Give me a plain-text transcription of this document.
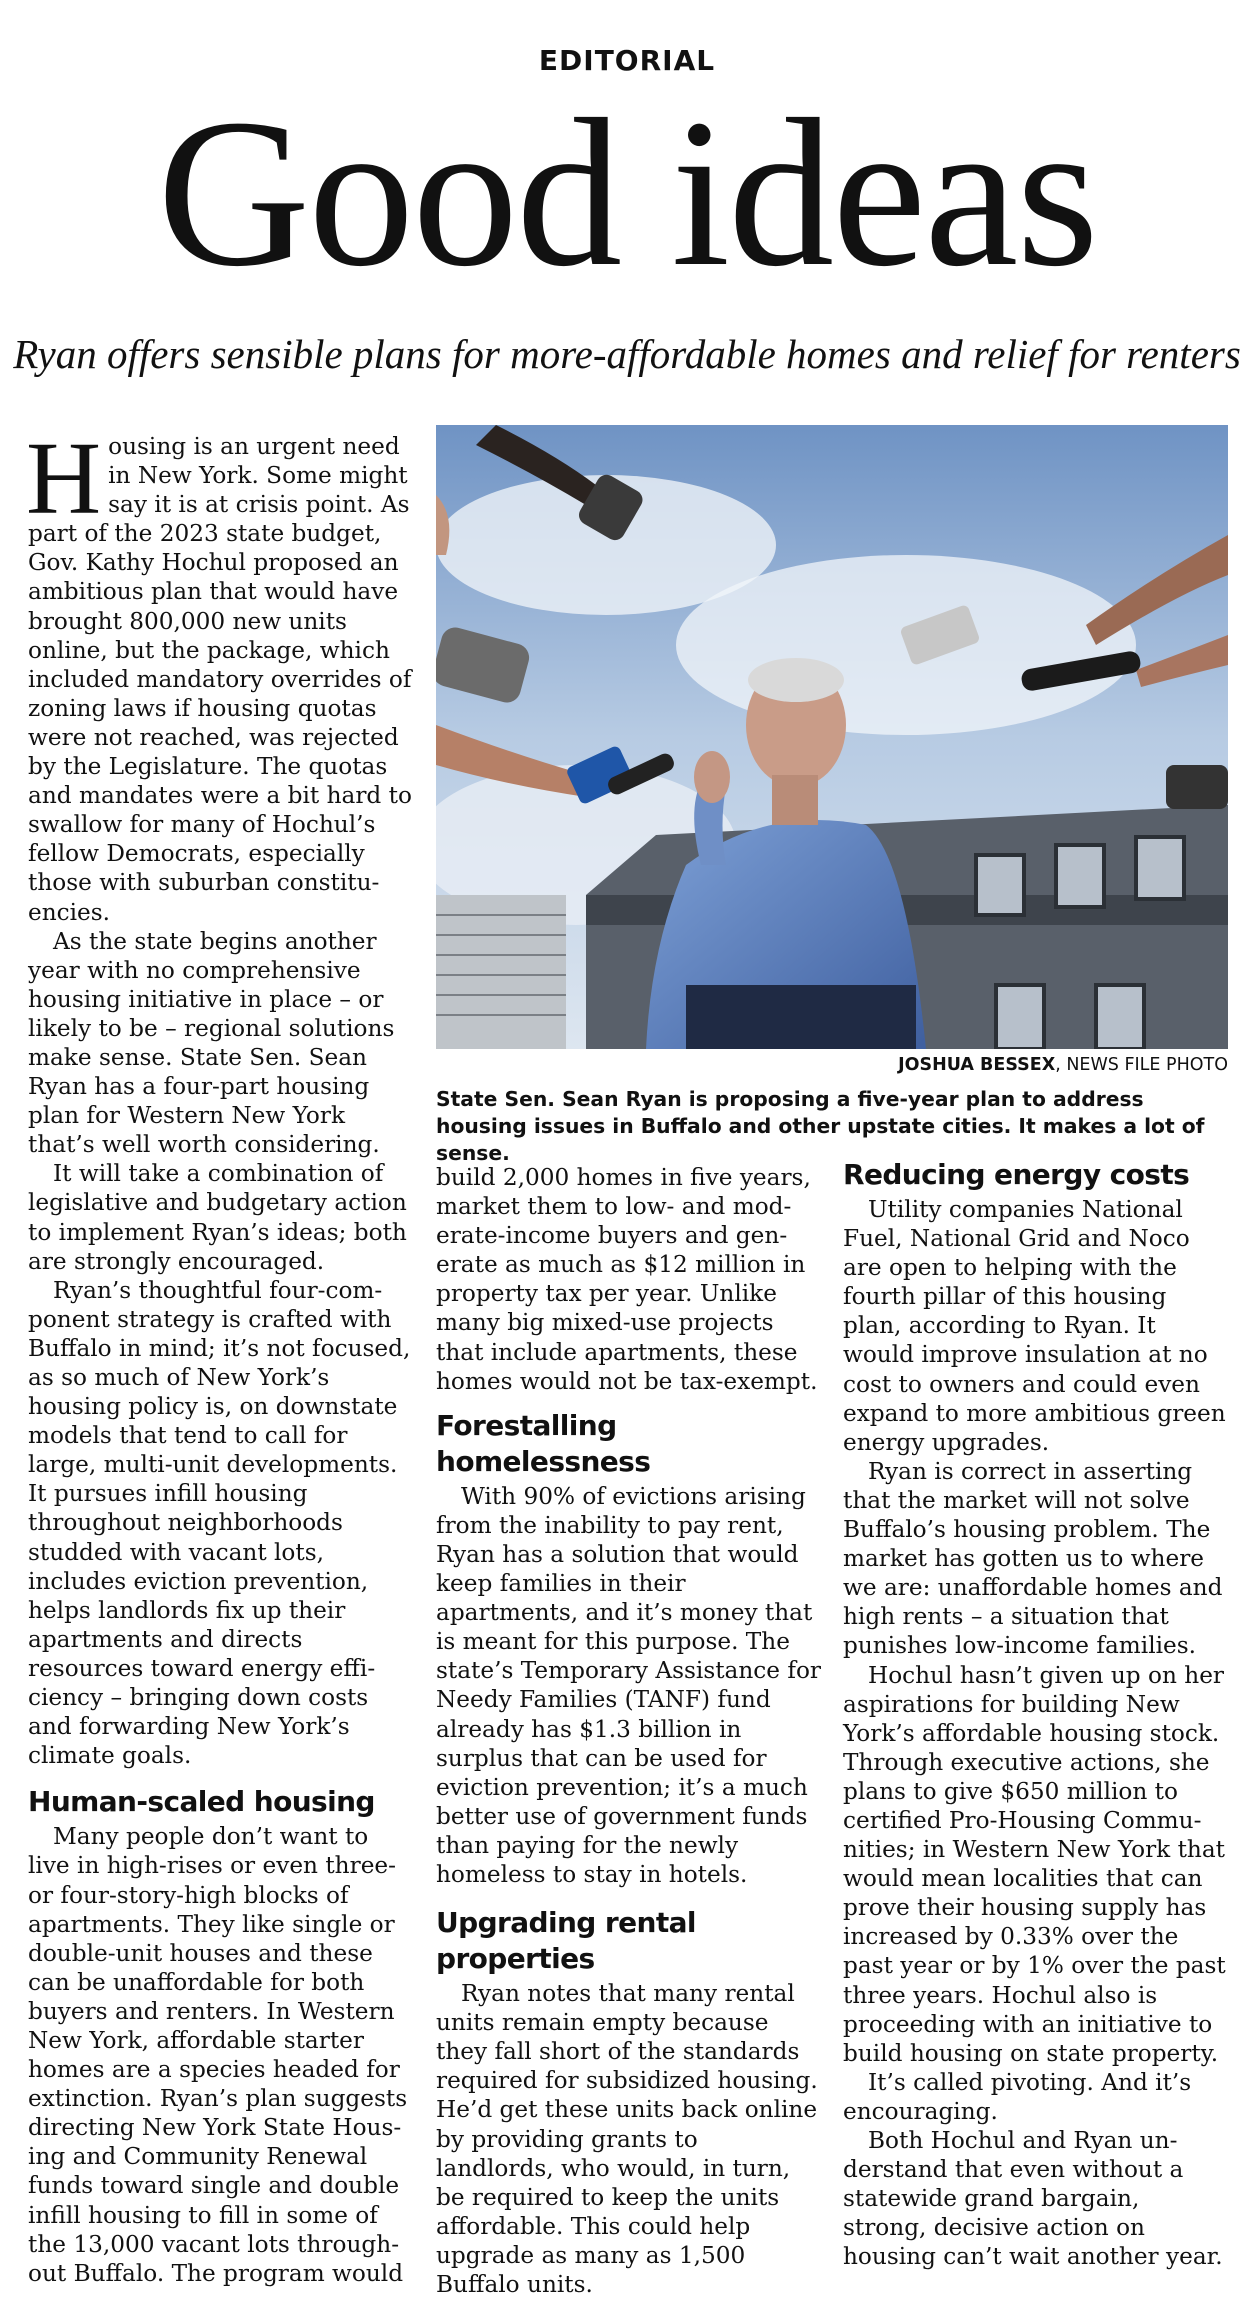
EDITORIAL
Good ideas
Ryan offers sensible plans for more-affordable homes and relief for renters

Housing is an urgent need in New York. Some might say it is at crisis point. As part of the 2023 state budget, Gov. Kathy Hochul proposed an ambitious plan that would have brought 800,000 new units online, but the package, which included mandatory overrides of zoning laws if housing quotas were not reached, was rejected by the Legislature. The quotas and mandates were a bit hard to swallow for many of Hochul’s fellow Democrats, especially those with suburban constituencies.

As the state begins another year with no comprehensive housing initiative in place – or likely to be – regional solutions make sense. State Sen. Sean Ryan has a four-part housing plan for Western New York that’s well worth considering.

It will take a combination of legislative and budgetary action to implement Ryan’s ideas; both are strongly encouraged.

Ryan’s thoughtful four-component strategy is crafted with Buffalo in mind; it’s not focused, as so much of New York’s housing policy is, on downstate models that tend to call for large, multi-unit developments. It pursues infill housing throughout neighborhoods studded with vacant lots, includes eviction prevention, helps landlords fix up their apartments and directs resources toward energy efficiency – bringing down costs and forwarding New York’s climate goals.

Human-scaled housing

Many people don’t want to live in high-rises or even three- or four-story-high blocks of apartments. They like single or double-unit houses and these can be unaffordable for both buyers and renters. In Western New York, affordable starter homes are a species headed for extinction. Ryan’s plan suggests directing New York State Housing and Community Renewal funds toward single and double infill housing to fill in some of the 13,000 vacant lots throughout Buffalo. The program would

JOSHUA BESSEX, NEWS FILE PHOTO
State Sen. Sean Ryan is proposing a five-year plan to address housing issues in Buffalo and other upstate cities. It makes a lot of sense.

build 2,000 homes in five years, market them to low- and moderate-income buyers and generate as much as $12 million in property tax per year. Unlike many big mixed-use projects that include apartments, these homes would not be tax-exempt.

Forestalling homelessness

With 90% of evictions arising from the inability to pay rent, Ryan has a solution that would keep families in their apartments, and it’s money that is meant for this purpose. The state’s Temporary Assistance for Needy Families (TANF) fund already has $1.3 billion in surplus that can be used for eviction prevention; it’s a much better use of government funds than paying for the newly homeless to stay in hotels.

Upgrading rental properties

Ryan notes that many rental units remain empty because they fall short of the standards required for subsidized housing. He’d get these units back online by providing grants to landlords, who would, in turn, be required to keep the units affordable. This could help upgrade as many as 1,500 Buffalo units.

Reducing energy costs

Utility companies National Fuel, National Grid and Noco are open to helping with the fourth pillar of this housing plan, according to Ryan. It would improve insulation at no cost to owners and could even expand to more ambitious green energy upgrades.

Ryan is correct in asserting that the market will not solve Buffalo’s housing problem. The market has gotten us to where we are: unaffordable homes and high rents – a situation that punishes low-income families.

Hochul hasn’t given up on her aspirations for building New York’s affordable housing stock. Through executive actions, she plans to give $650 million to certified Pro-Housing Communities; in Western New York that would mean localities that can prove their housing supply has increased by 0.33% over the past year or by 1% over the past three years. Hochul also is proceeding with an initiative to build housing on state property.

It’s called pivoting. And it’s encouraging.

Both Hochul and Ryan understand that even without a statewide grand bargain, strong, decisive action on housing can’t wait another year.
